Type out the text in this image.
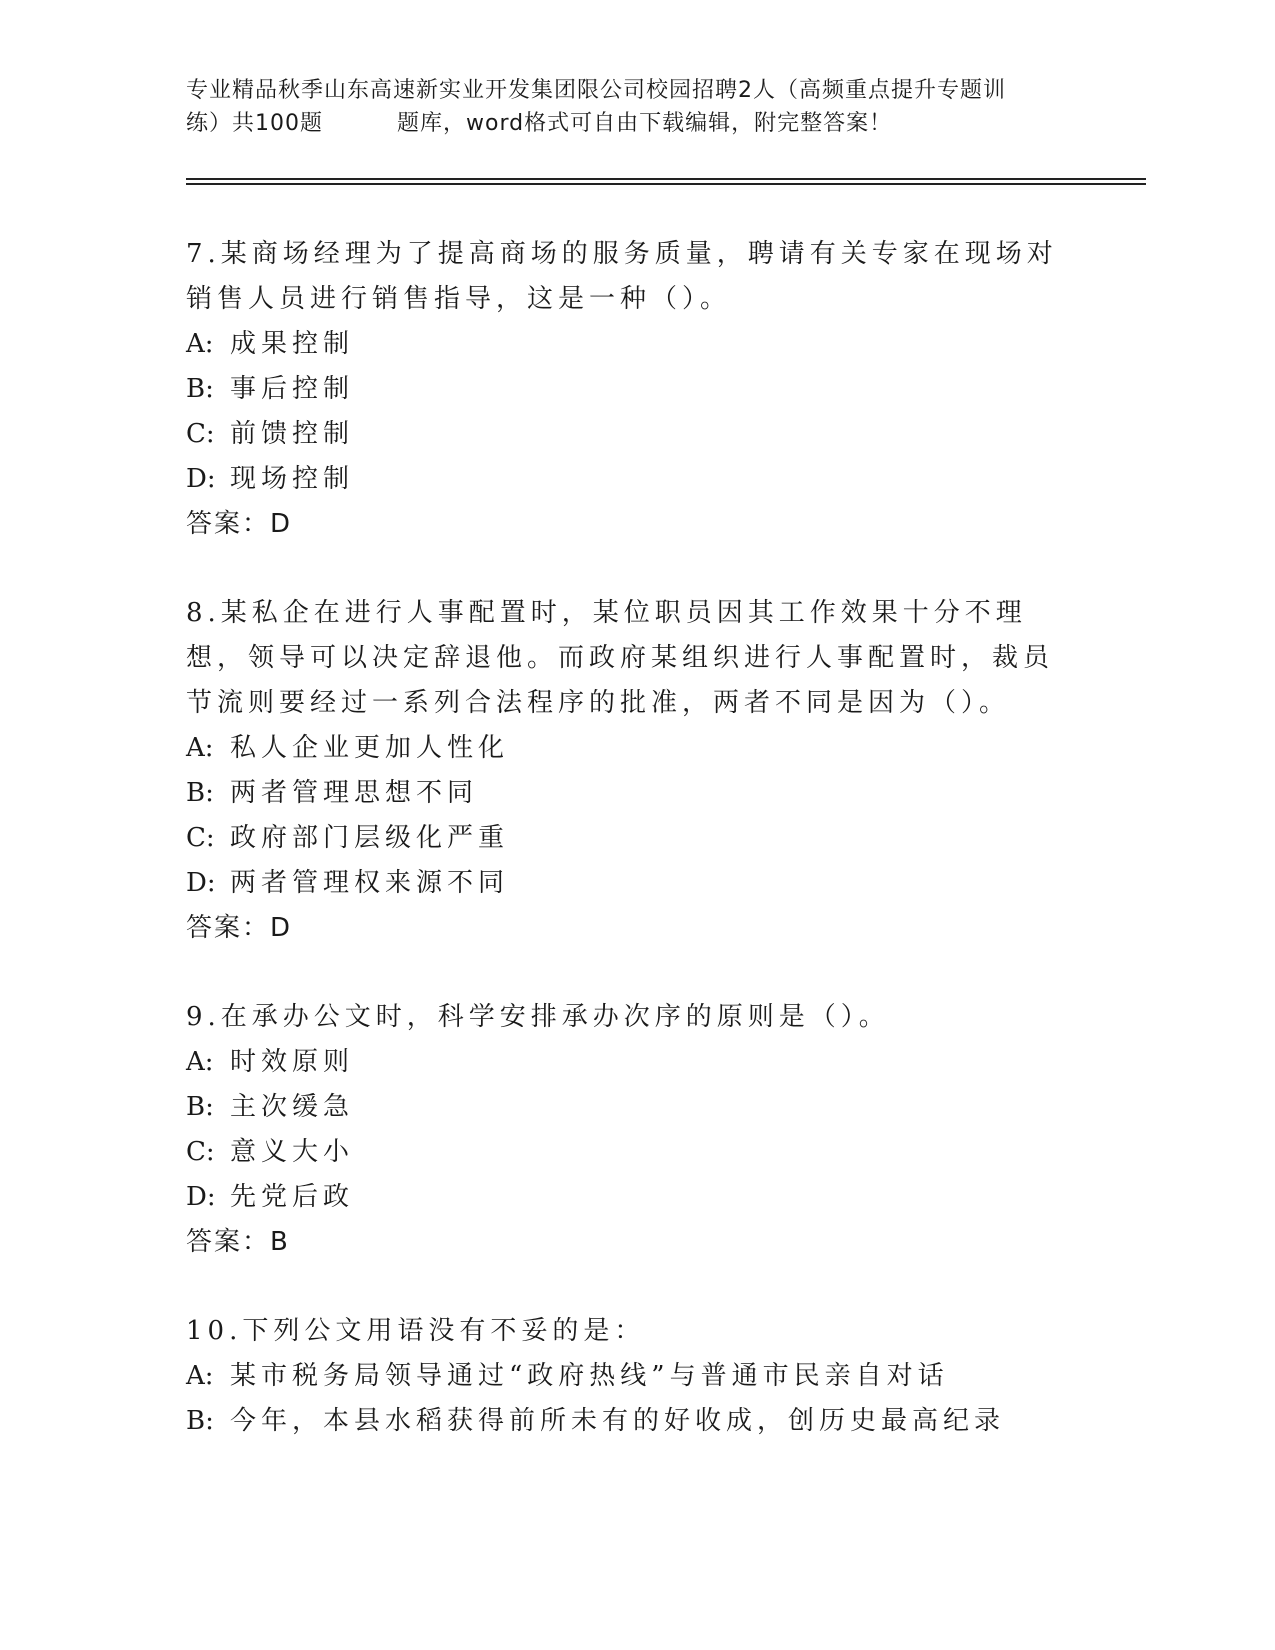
专业精品秋季山东高速新实业开发集团限公司校园招聘2人（高频重点提升专题训
练）共100题	题库，word格式可自由下载编辑，附完整答案！
7.某商场经理为了提高商场的服务质量，聘请有关专家在现场对销售人员进行销售指导，这是一种（）。
A: 成果控制
B: 事后控制
C: 前馈控制
D: 现场控制
答案：D
8.某私企在进行人事配置时，某位职员因其工作效果十分不理想，领导可以决定辞退他。而政府某组织进行人事配置时，裁员节流则要经过一系列合法程序的批准，两者不同是因为（）。
A: 私人企业更加人性化
B: 两者管理思想不同
C: 政府部门层级化严重
D: 两者管理权来源不同
答案：D
9.在承办公文时，科学安排承办次序的原则是（）。
A: 时效原则
B: 主次缓急
C: 意义大小
D: 先党后政
答案：B
10.下列公文用语没有不妥的是：
A: 某市税务局领导通过“政府热线”与普通市民亲自对话
B: 今年，本县水稻获得前所未有的好收成，创历史最高纪录
